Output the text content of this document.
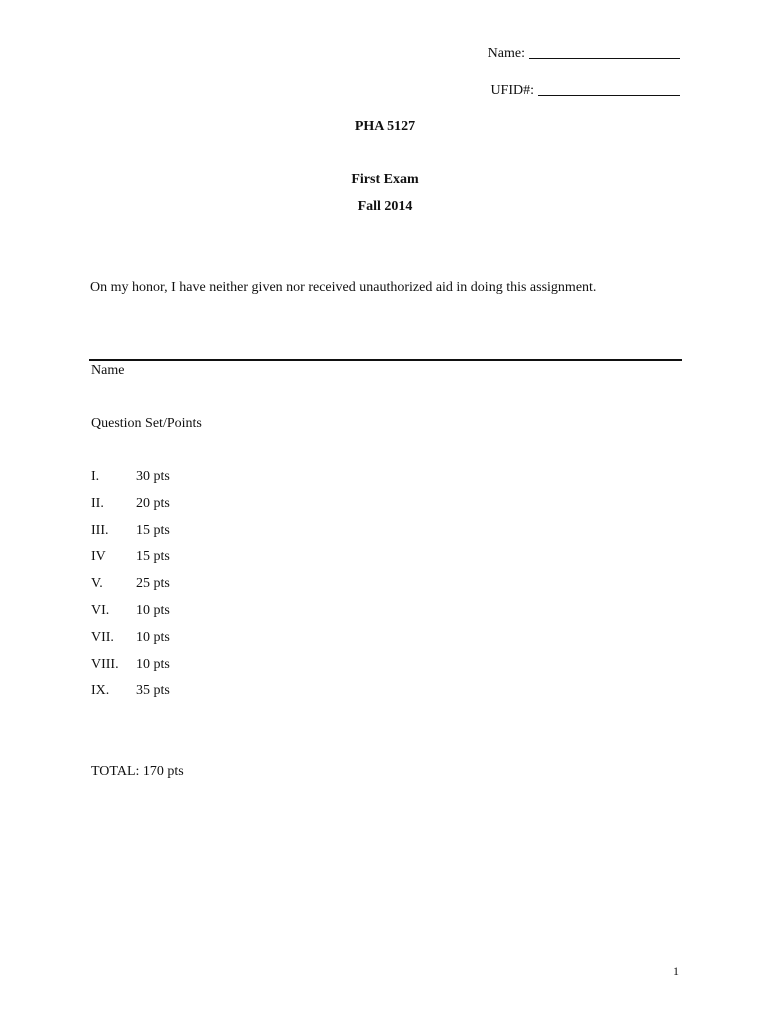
Name:
UFID#:
PHA 5127
First Exam
Fall 2014
On my honor, I have neither given nor received unauthorized aid in doing this assignment.
Name
Question Set/Points
I.	30 pts
II. 20 pts
III. 15 pts
IV 15 pts
V. 25 pts
VI. 10 pts
VII. 10 pts
VIII. 10 pts
IX. 35 pts
TOTAL: 170 pts
1
